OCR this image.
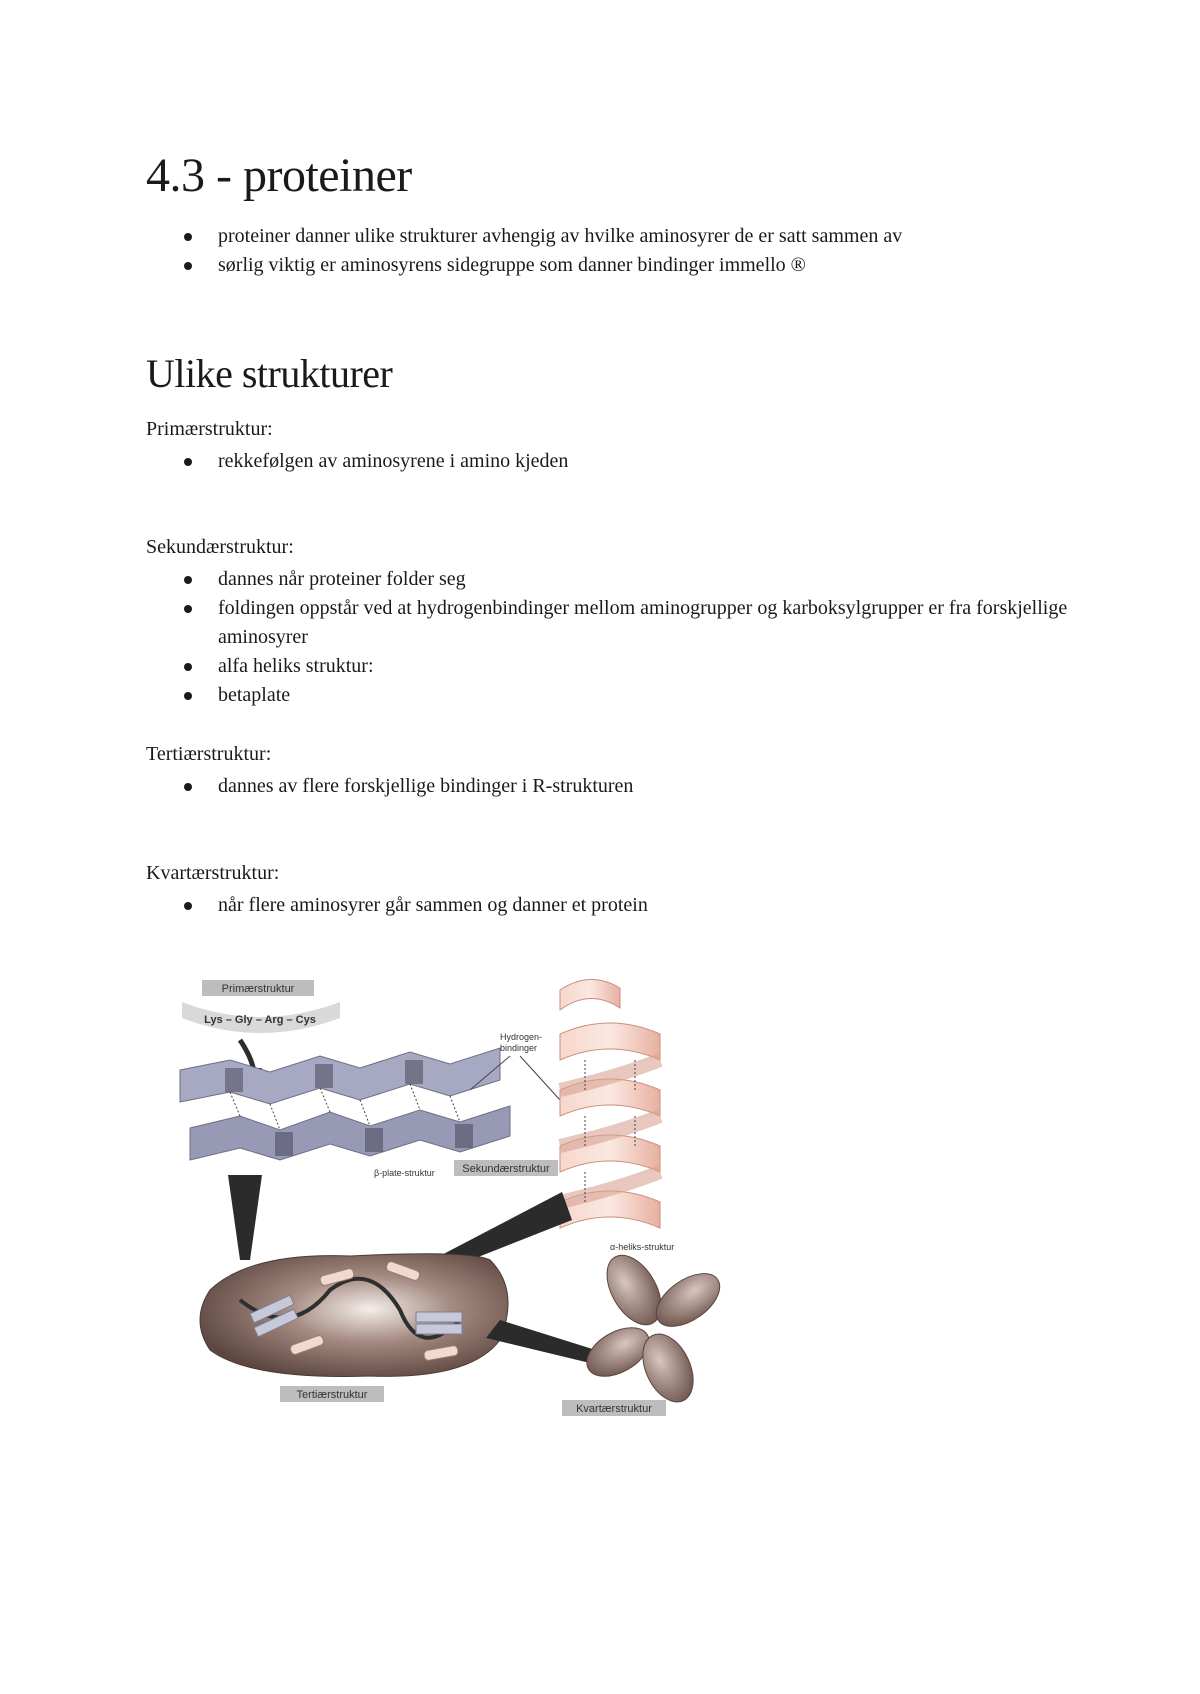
4.3 - proteiner
proteiner danner ulike strukturer avhengig av hvilke aminosyrer de er satt sammen av
sørlig viktig er aminosyrens sidegruppe som danner bindinger immello ®
Ulike strukturer
Primærstruktur:
rekkefølgen av aminosyrene i amino kjeden
Sekundærstruktur:
dannes når proteiner folder seg
foldingen oppstår ved at hydrogenbindinger mellom aminogrupper og karboksylgrupper er fra forskjellige aminosyrer
alfa heliks struktur:
betaplate
Tertiærstruktur:
dannes av flere forskjellige bindinger i R-strukturen
Kvartærstruktur:
når flere aminosyrer går sammen og danner et protein
Primærstruktur
Lys – Gly – Arg – Cys
Hydrogen-
bindinger
β-plate-struktur	Sekundærstruktur
α-heliks-struktur
Tertiærstruktur
Kvartærstruktur
